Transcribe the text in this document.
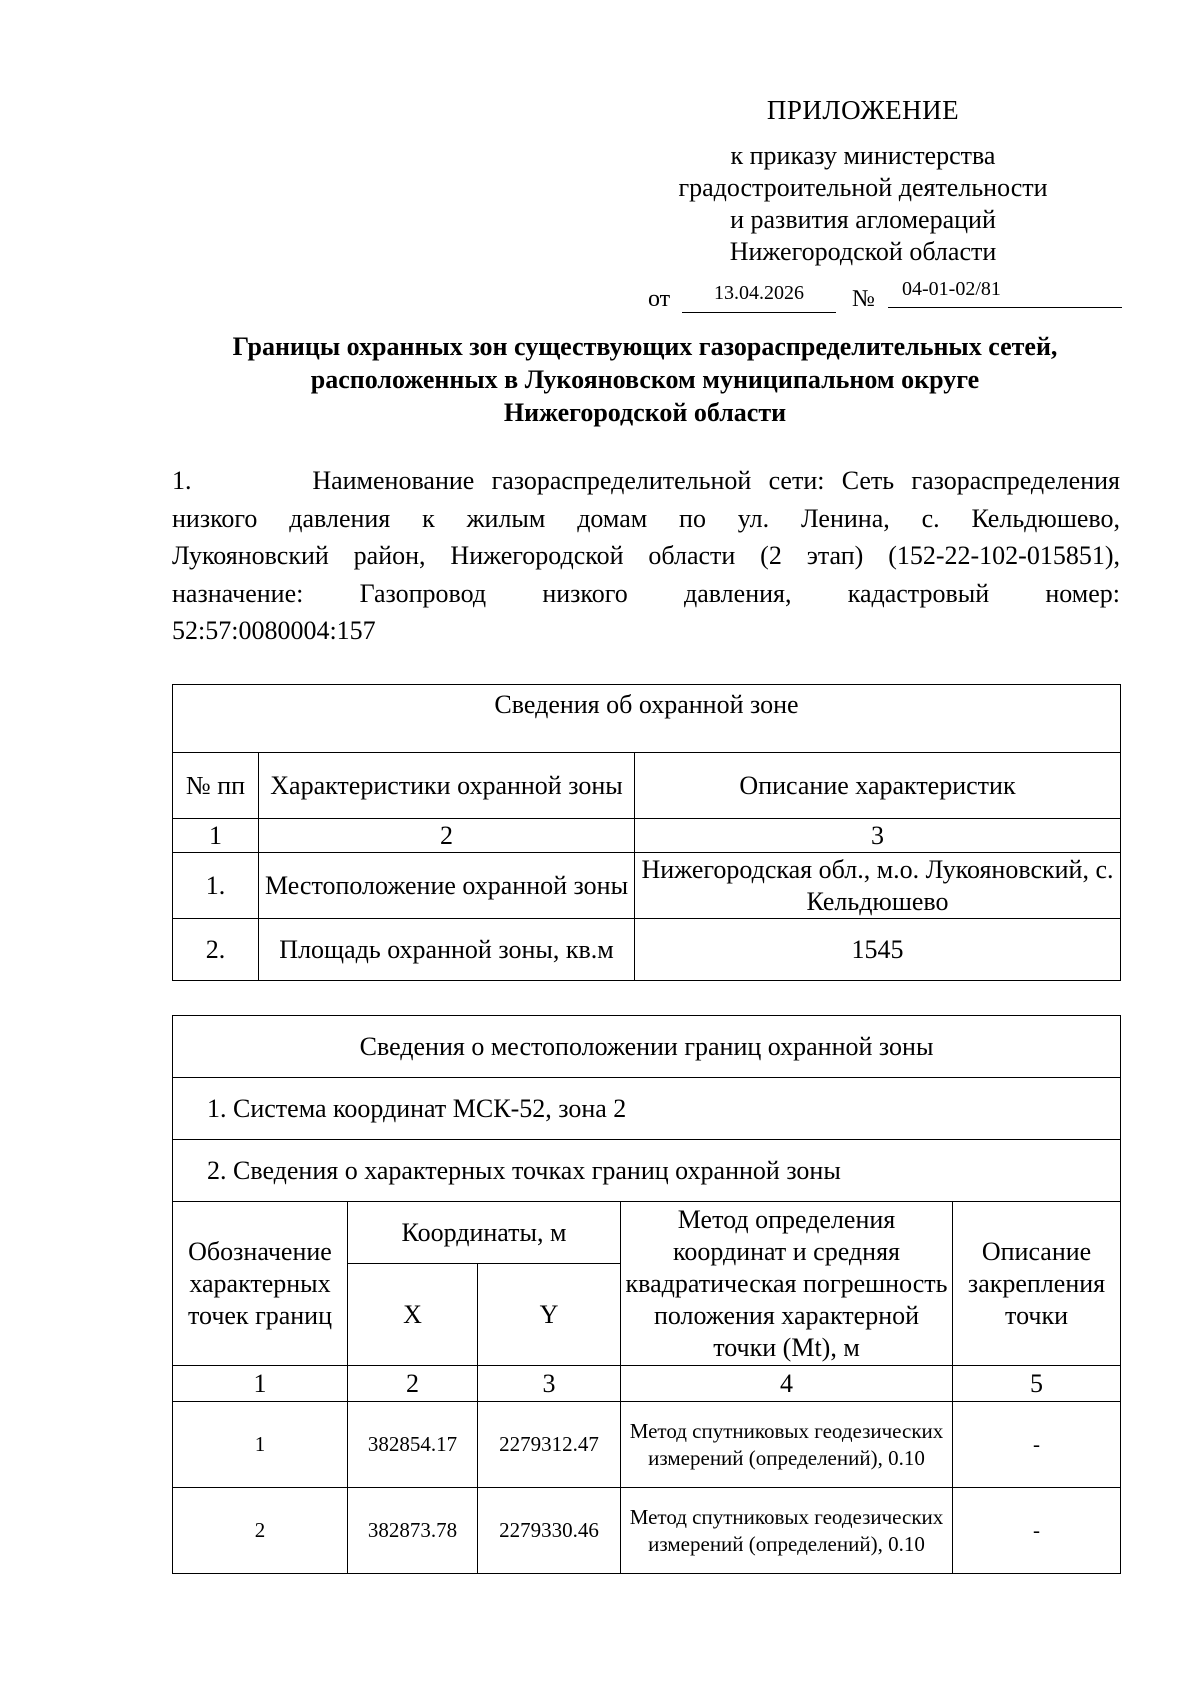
ПРИЛОЖЕНИЕ
к приказу министерства
градостроительной деятельности
и развития агломераций
Нижегородской области
от	13.04.2026	№	04-01-02/81
Границы охранных зон существующих газораспределительных сетей,
расположенных в Лукояновском муниципальном округе
Нижегородской области
1.       Наименование газораспределительной сети: Сеть газораспределения
низкого давления к жилым домам по ул. Ленина, с. Кельдюшево,
Лукояновский район, Нижегородской области (2 этап) (152-22-102-015851),
назначение: Газопровод низкого давления, кадастровый номер:
52:57:0080004:157
Сведения об охранной зоне		
№ пп	Характеристики охранной зоны	Описание характеристик
1	2	3
1.	Местоположение охранной зоны	Нижегородская обл., м.о. Лукояновский, с. Кельдюшево
2.	Площадь охранной зоны, кв.м	1545
Сведения о местоположении границ охранной зоны				
1. Система координат МСК-52, зона 2				
2. Сведения о характерных точках границ охранной зоны				
Обозначение характерных точек границ	Координаты, м		Метод определения координат и средняя квадратическая погрешность положения характерной точки (Mt), м	Описание закрепления точки
	X	Y		
1	2	3	4	5
1	382854.17	2279312.47	Метод спутниковых геодезических измерений (определений), 0.10	-
2	382873.78	2279330.46	Метод спутниковых геодезических измерений (определений), 0.10	-
